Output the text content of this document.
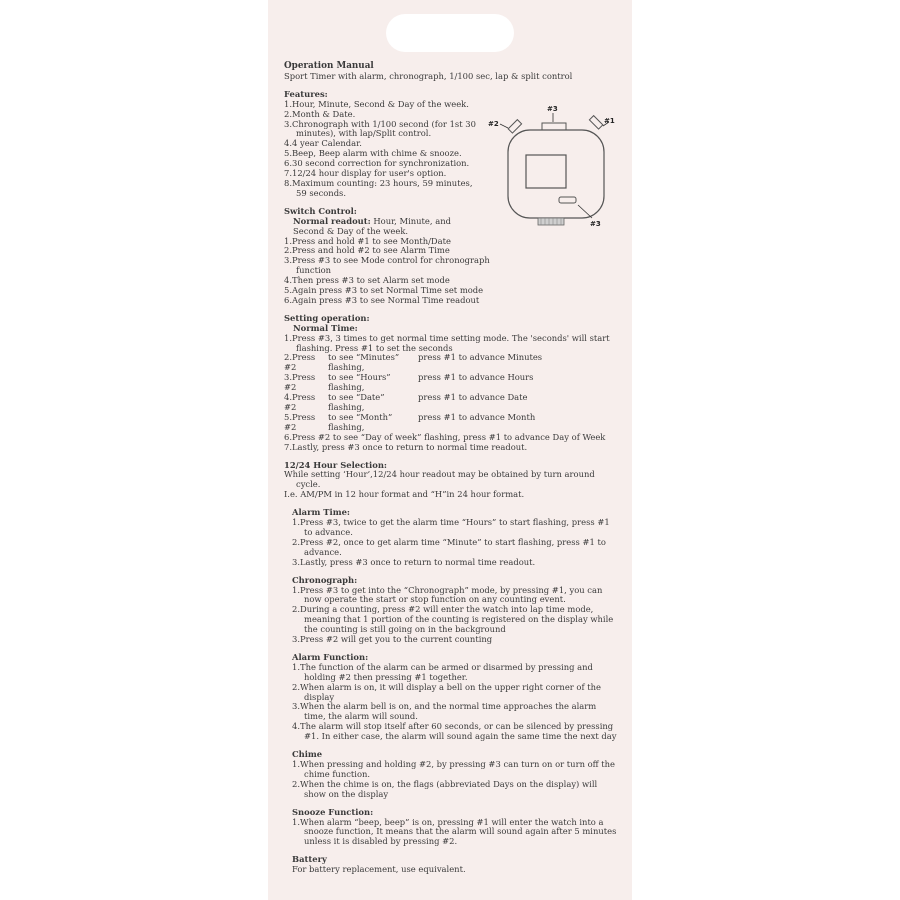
#1
#2
#3
#3
Operation Manual
Sport Timer with alarm, chronograph, 1/100 sec, lap & split control
Features:
1.Hour, Minute, Second & Day of the week.
2.Month & Date.
3.Chronograph with 1/100 second (for 1st 30 minutes), with lap/Split control.
4.4 year Calendar.
5.Beep, Beep alarm with chime & snooze.
6.30 second correction for synchronization.
7.12/24 hour display for user's option.
8.Maximum counting: 23 hours, 59 minutes, 59 seconds.
Switch Control:
Normal readout: Hour, Minute, and Second & Day of the week.
1.Press and hold #1 to see Month/Date
2.Press and hold #2 to see Alarm Time
3.Press #3 to see Mode control for chronograph function
4.Then press #3 to set Alarm set mode
5.Again press #3 to set Normal Time set mode
6.Again press #3 to see Normal Time readout
Setting operation:
Normal Time:
1.Press #3, 3 times to get normal time setting mode. The 'seconds' will start flashing. Press #1 to set the seconds
2.Press #2
to see “Minutes” flashing,
press #1 to advance Minutes
3.Press #2
to see “Hours” flashing,
press #1 to advance Hours
4.Press #2
to see “Date” flashing,
press #1 to advance Date
5.Press #2
to see “Month” flashing,
press #1 to advance Month
6.Press #2 to see “Day of week” flashing, press #1 to advance Day of Week
7.Lastly, press #3 once to return to normal time readout.
12/24 Hour Selection:
While setting ‘Hour’,12/24 hour readout may be obtained by turn around cycle.
I.e. AM/PM in 12 hour format and “H”in 24 hour format.
Alarm Time:
1.Press #3, twice to get the alarm time “Hours” to start flashing, press #1 to advance.
2.Press #2, once to get alarm time “Minute” to start flashing, press #1 to advance.
3.Lastly, press #3 once to return to normal time readout.
Chronograph:
1.Press #3 to get into the “Chronograph” mode, by pressing #1, you can now operate the start or stop function on any counting event.
2.During a counting, press #2 will enter the watch into lap time mode, meaning that 1 portion of the counting is registered on the display while the counting is still going on in the background
3.Press #2 will get you to the current counting
Alarm Function:
1.The function of the alarm can be armed or disarmed by pressing and holding #2 then pressing #1 together.
2.When alarm is on, it will display a bell on the upper right corner of the display
3.When the alarm bell is on, and the normal time approaches the alarm time, the alarm will sound.
4.The alarm will stop itself after 60 seconds, or can be silenced by pressing #1. In either case, the alarm will sound again the same time the next day
Chime
1.When pressing and holding #2, by pressing #3 can turn on or turn off the chime function.
2.When the chime is on, the flags (abbreviated Days on the display) will show on the display
Snooze Function:
1.When alarm “beep, beep” is on, pressing #1 will enter the watch into a snooze function, It means that the alarm will sound again after 5 minutes unless it is disabled by pressing #2.
Battery
For battery replacement, use equivalent.
